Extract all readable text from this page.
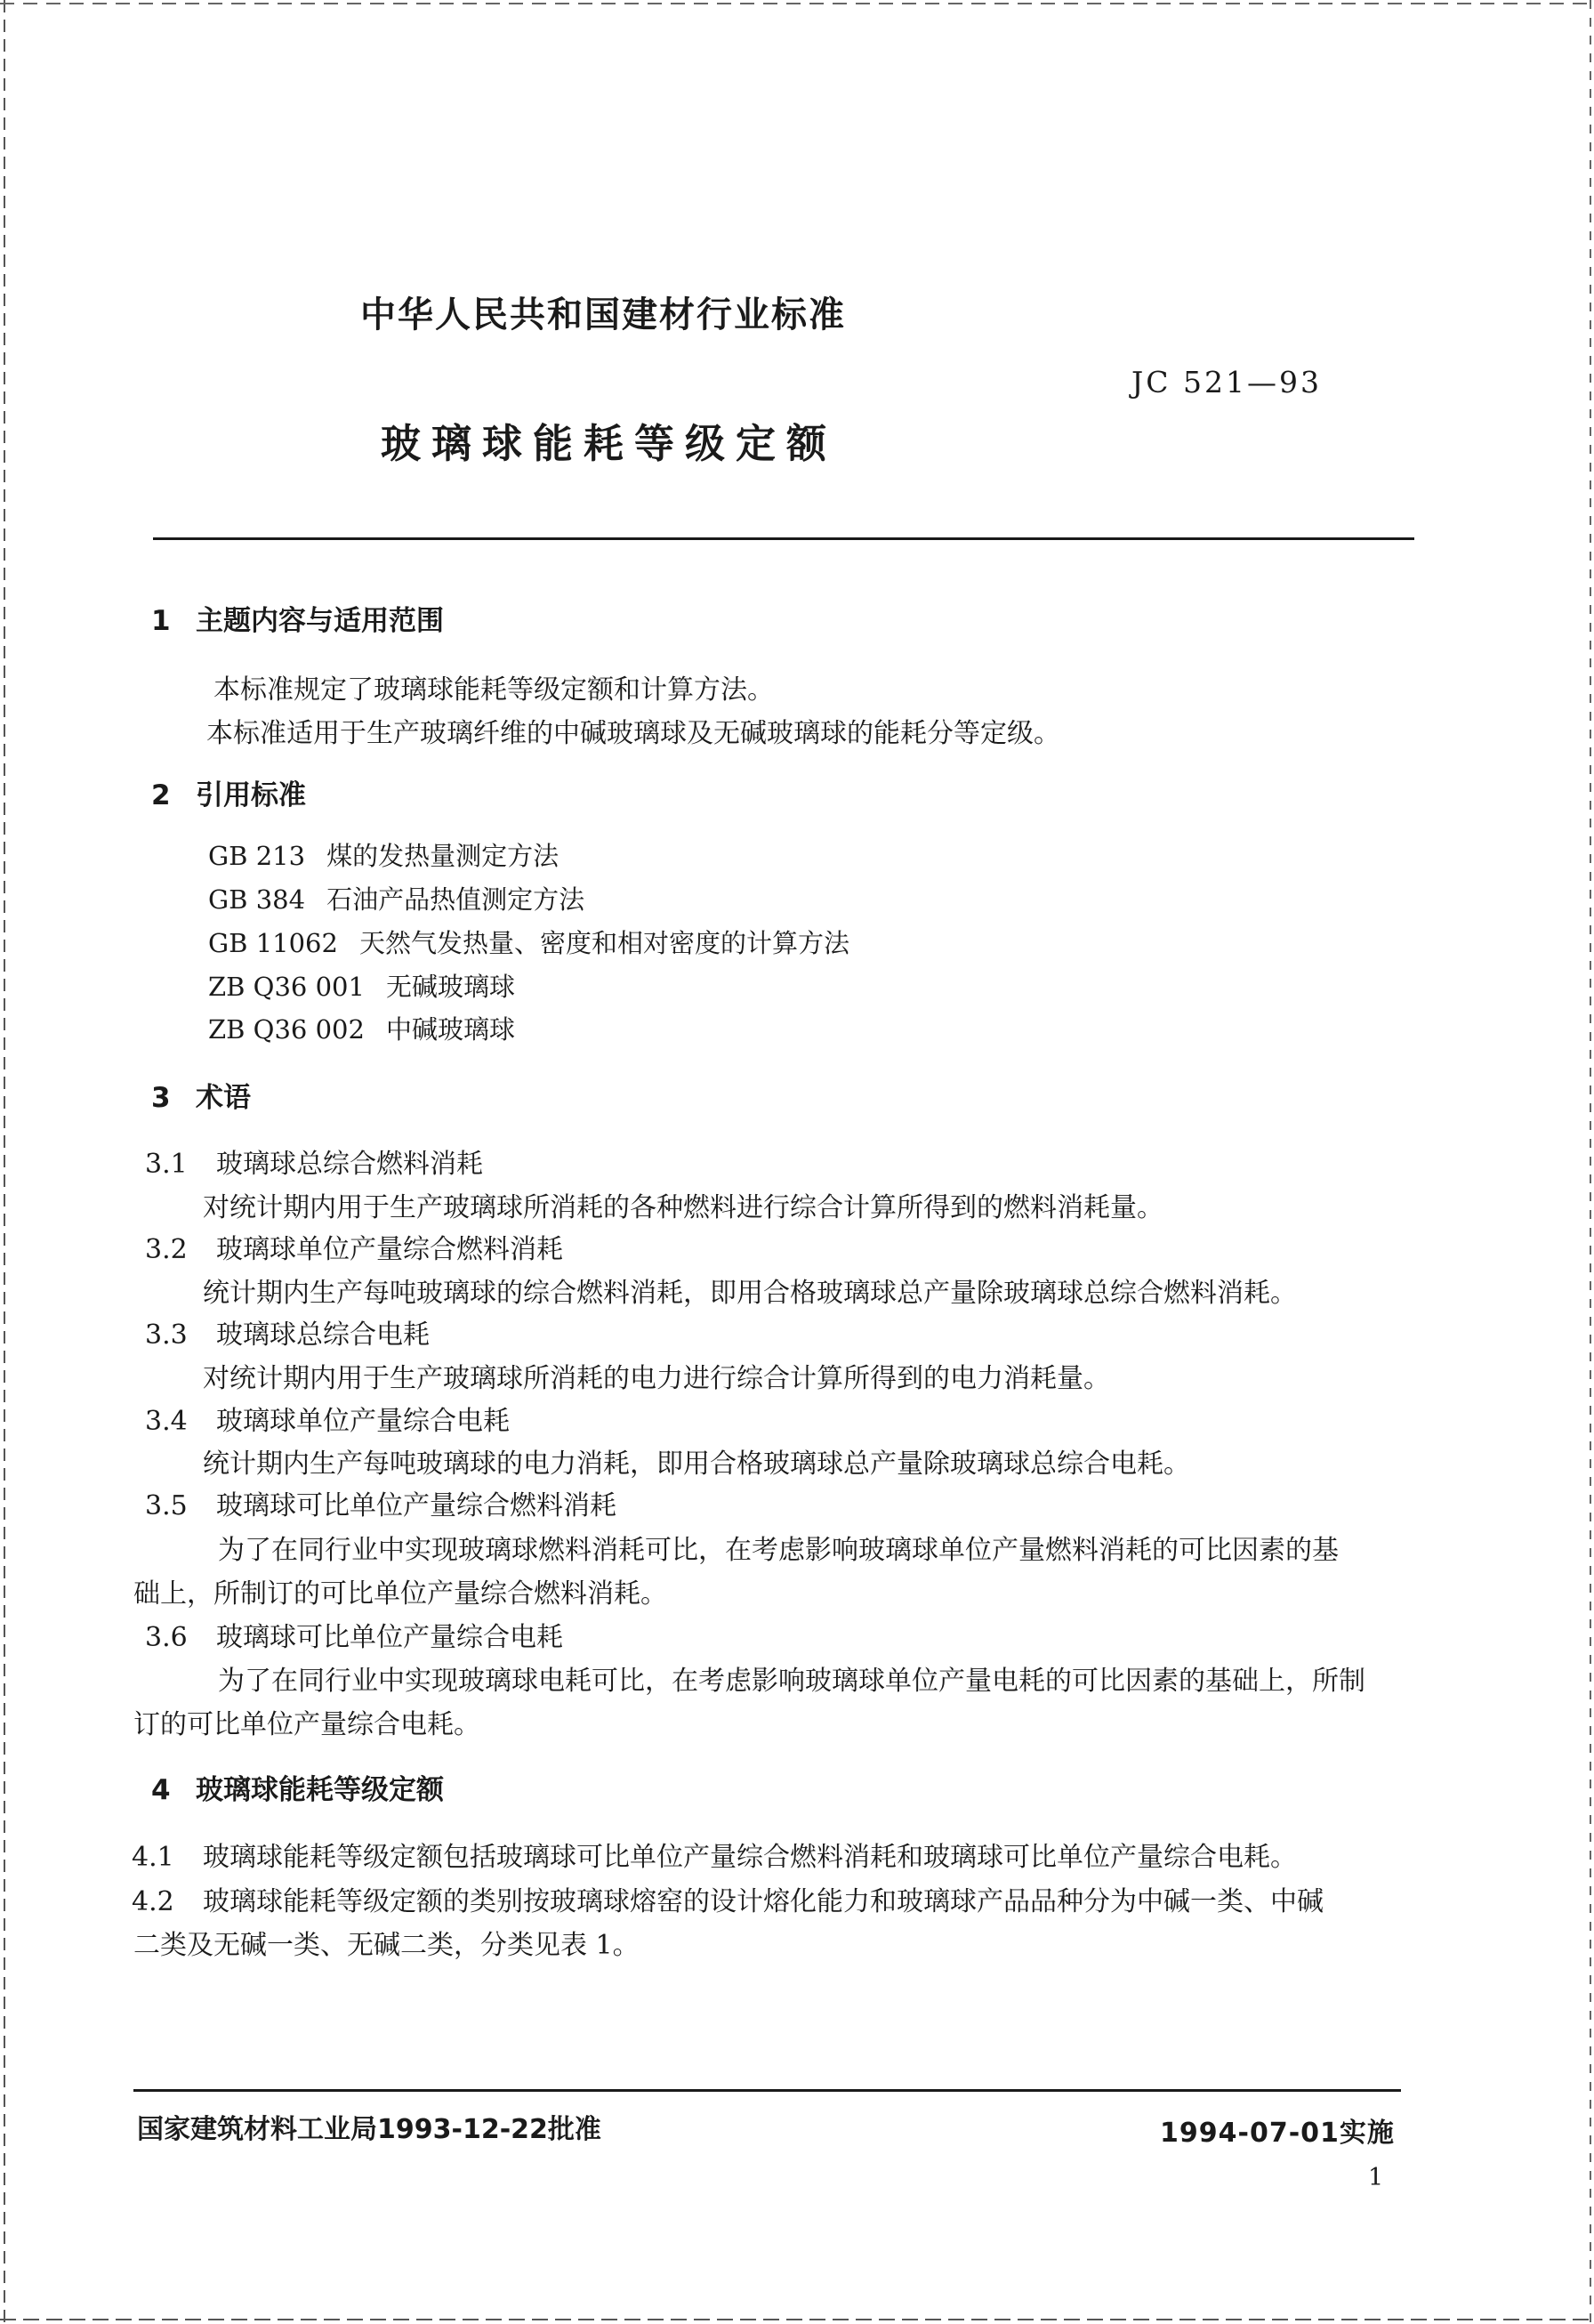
中华人民共和国建材行业标准
JC 521—93
玻璃球能耗等级定额
1 主题内容与适用范围
本标准规定了玻璃球能耗等级定额和计算方法。
本标准适用于生产玻璃纤维的中碱玻璃球及无碱玻璃球的能耗分等定级。
2 引用标准
GB 213 煤的发热量测定方法
GB 384 石油产品热值测定方法
GB 11062 天然气发热量、密度和相对密度的计算方法
ZB Q36 001 无碱玻璃球
ZB Q36 002 中碱玻璃球
3 术语
3.1 玻璃球总综合燃料消耗
对统计期内用于生产玻璃球所消耗的各种燃料进行综合计算所得到的燃料消耗量。
3.2 玻璃球单位产量综合燃料消耗
统计期内生产每吨玻璃球的综合燃料消耗，即用合格玻璃球总产量除玻璃球总综合燃料消耗。
3.3 玻璃球总综合电耗
对统计期内用于生产玻璃球所消耗的电力进行综合计算所得到的电力消耗量。
3.4 玻璃球单位产量综合电耗
统计期内生产每吨玻璃球的电力消耗，即用合格玻璃球总产量除玻璃球总综合电耗。
3.5 玻璃球可比单位产量综合燃料消耗
为了在同行业中实现玻璃球燃料消耗可比，在考虑影响玻璃球单位产量燃料消耗的可比因素的基
础上，所制订的可比单位产量综合燃料消耗。
3.6 玻璃球可比单位产量综合电耗
为了在同行业中实现玻璃球电耗可比，在考虑影响玻璃球单位产量电耗的可比因素的基础上，所制
订的可比单位产量综合电耗。
4 玻璃球能耗等级定额
4.1 玻璃球能耗等级定额包括玻璃球可比单位产量综合燃料消耗和玻璃球可比单位产量综合电耗。
4.2 玻璃球能耗等级定额的类别按玻璃球熔窑的设计熔化能力和玻璃球产品品种分为中碱一类、中碱
二类及无碱一类、无碱二类，分类见表 1。
国家建筑材料工业局1993-12-22批准	1994-07-01实施
1
